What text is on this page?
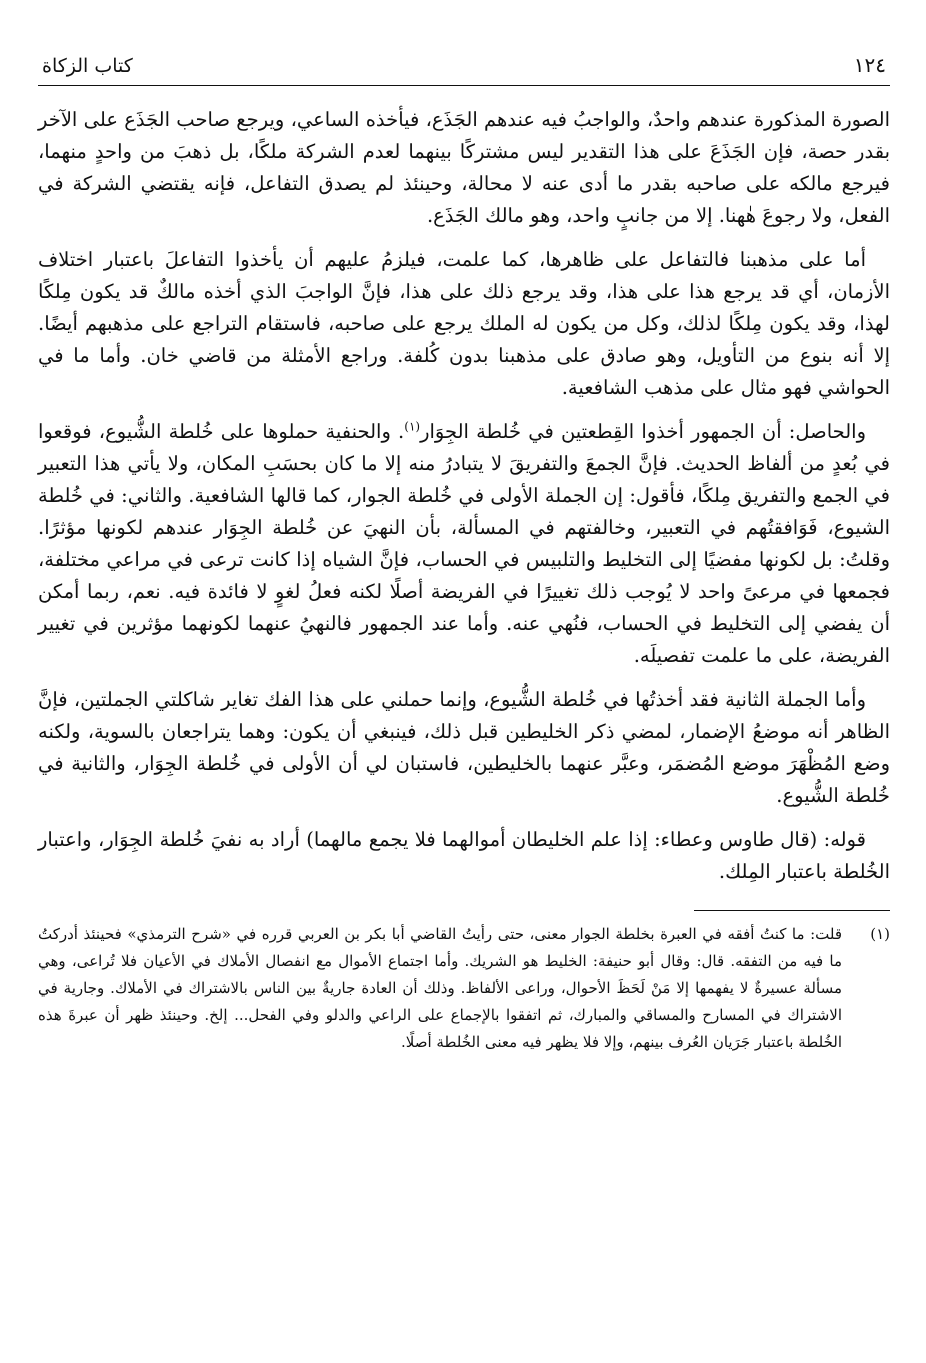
١٢٤
كتاب الزكاة

الصورة المذكورة عندهم واحدٌ، والواجبُ فيه عندهم الجَذَع، فيأخذه الساعي، ويرجع صاحب الجَذَع على الآخر بقدر حصة، فإن الجَذَعَ على هذا التقدير ليس مشتركًا بينهما لعدم الشركة ملكًا، بل ذهبَ من واحدٍ منهما، فيرجع مالكه على صاحبه بقدر ما أدى عنه لا محالة، وحينئذ لم يصدق التفاعل، فإنه يقتضي الشركة في الفعل، ولا رجوعَ هٰهنا. إلا من جانبٍ واحد، وهو مالك الجَذَع.

أما على مذهبنا فالتفاعل على ظاهرها، كما علمت، فيلزمُ عليهم أن يأخذوا التفاعلَ باعتبار اختلاف الأزمان، أي قد يرجع هذا على هذا، وقد يرجع ذلك على هذا، فإنَّ الواجبَ الذي أخذه مالكٌ قد يكون مِلكًا لهذا، وقد يكون مِلكًا لذلك، وكل من يكون له الملك يرجع على صاحبه، فاستقام التراجع على مذهبهم أيضًا. إلا أنه بنوع من التأويل، وهو صادق على مذهبنا بدون كُلفة. وراجع الأمثلة من قاضي خان. وأما ما في الحواشي فهو مثال على مذهب الشافعية.

والحاصل: أن الجمهور أخذوا القِطعتين في خُلطة الجِوَار$^{(١)}$. والحنفية حملوها على خُلطة الشُّيوع، فوقعوا في بُعدٍ من ألفاظ الحديث. فإنَّ الجمعَ والتفريقَ لا يتبادرُ منه إلا ما كان بحسَبِ المكان، ولا يأتي هذا التعبير في الجمع والتفريق مِلكًا، فأقول: إن الجملة الأولى في خُلطة الجوار، كما قالها الشافعية. والثاني: في خُلطة الشيوع، فَوَافقتُهم في التعبير، وخالفتهم في المسألة، بأن النهيَ عن خُلطة الجِوَار عندهم لكونها مؤثرًا. وقلتُ: بل لكونها مفضيًا إلى التخليط والتلبيس في الحساب، فإنَّ الشياه إذا كانت ترعى في مراعي مختلفة، فجمعها في مرعىً واحد لا يُوجب ذلك تغييرًا في الفريضة أصلًا لكنه فعلُ لغوٍ لا فائدة فيه. نعم، ربما أمكن أن يفضي إلى التخليط في الحساب، فنُهي عنه. وأما عند الجمهور فالنهيُ عنهما لكونهما مؤثرين في تغيير الفريضة، على ما علمت تفصيلَه.

وأما الجملة الثانية فقد أخذتُها في خُلطة الشُّيوع، وإنما حملني على هذا الفك تغاير شاكلتي الجملتين، فإنَّ الظاهر أنه موضعُ الإضمار، لمضي ذكر الخليطين قبل ذلك، فينبغي أن يكون: وهما يتراجعان بالسوية، ولكنه وضع المُظْهَرَ موضع المُضمَر، وعبَّر عنهما بالخليطين، فاستبان لي أن الأولى في خُلطة الجِوَار، والثانية في خُلطة الشُّيوع.

قوله: (قال طاوس وعطاء: إذا علم الخليطان أموالهما فلا يجمع مالهما) أراد به نفيَ خُلطة الجِوَار، واعتبار الخُلطة باعتبار المِلك.

(١)
قلت: ما كنتُ أفقه في العبرة بخلطة الجوار معنى، حتى رأيتُ القاضي أبا بكر بن العربي قرره في «شرح الترمذي» فحينئذ أدركتُ ما فيه من التفقه. قال: وقال أبو حنيفة: الخليط هو الشريك. وأما اجتماع الأموال مع انفصال الأملاك في الأعيان فلا تُراعى، وهي مسألة عسيرةٌ لا يفهمها إلا مَنْ لَحَظَ الأحوال، وراعى الألفاظ. وذلك أن العادة جاريةٌ بين الناس بالاشتراك في الأملاك. وجارية في الاشتراك في المسارح والمساقي والمبارك، ثم اتفقوا بالإجماع على الراعي والدلو وفي الفحل... إلخ. وحينئذ ظهر أن عبرةَ هذه الخُلطة باعتبار جَرَيان العُرف بينهم، وإلا فلا يظهر فيه معنى الخُلطة أصلًا.
